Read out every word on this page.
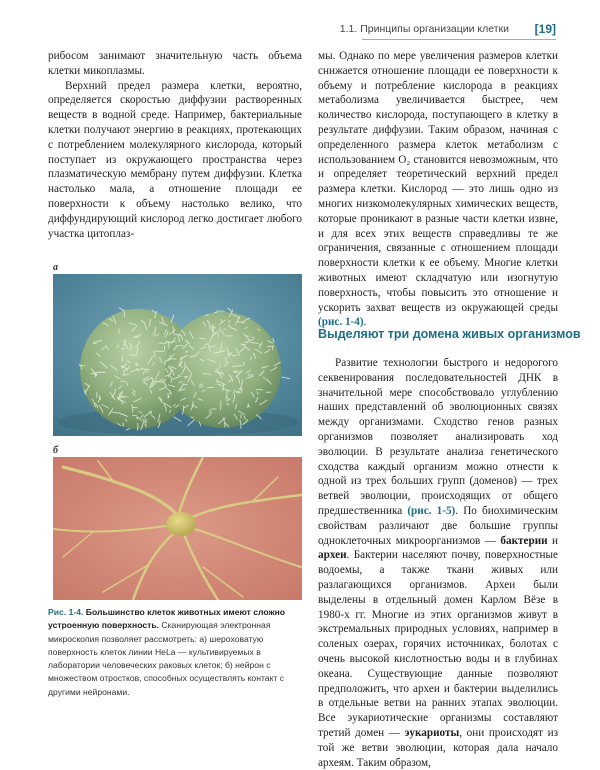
1.1. Принципы организации клетки [19]

рибосом занимают значительную часть объема клетки микоплазмы.

Верхний предел размера клетки, вероятно, определяется скоростью диффузии растворенных веществ в водной среде. Например, бактериальные клетки получают энергию в реакциях, протекающих с потреблением молекулярного кислорода, который поступает из окружающего пространства через плазматическую мембрану путем диффузии. Клетка настолько мала, а отношение площади ее поверхности к объему настолько велико, что диффундирующий кислород легко достигает любого участка цитоплаз-

а
б
Рис. 1-4. Большинство клеток животных имеют сложно устроенную поверхность. Сканирующая электронная микроскопия позволяет рассмотреть: а) шероховатую поверхность клеток линии HeLa — культивируемых в лаборатории человеческих раковых клеток; б) нейрон с множеством отростков, способных осуществлять контакт с другими нейронами.

мы. Однако по мере увеличения размеров клетки снижается отношение площади ее поверхности к объему и потребление кислорода в реакциях метаболизма увеличивается быстрее, чем количество кислорода, поступающего в клетку в результате диффузии. Таким образом, начиная с определенного размера клеток метаболизм с использованием O₂ становится невозможным, что и определяет теоретический верхний предел размера клетки. Кислород — это лишь одно из многих низкомолекулярных химических веществ, которые проникают в разные части клетки извне, и для всех этих веществ справедливы те же ограничения, связанные с отношением площади поверхности клетки к ее объему. Многие клетки животных имеют складчатую или изогнутую поверхность, чтобы повысить это отношение и ускорить захват веществ из окружающей среды (рис. 1-4).

Выделяют три домена живых организмов

Развитие технологии быстрого и недорогого секвенирования последовательностей ДНК в значительной мере способствовало углублению наших представлений об эволюционных связях между организмами. Сходство генов разных организмов позволяет анализировать ход эволюции. В результате анализа генетического сходства каждый организм можно отнести к одной из трех больших групп (доменов) — трех ветвей эволюции, происходящих от общего предшественника (рис. 1-5). По биохимическим свойствам различают две большие группы одноклеточных микроорганизмов — бактерии и археи. Бактерии населяют почву, поверхностные водоемы, а также ткани живых или разлагающихся организмов. Археи были выделены в отдельный домен Карлом Вёзе в 1980-х гг. Многие из этих организмов живут в экстремальных природных условиях, например в соленых озерах, горячих источниках, болотах с очень высокой кислотностью воды и в глубинах океана. Существующие данные позволяют предположить, что археи и бактерии выделились в отдельные ветви на ранних этапах эволюции. Все эукариотические организмы составляют третий домен — эукариоты, они происходят из той же ветви эволюции, которая дала начало археям. Таким образом,
